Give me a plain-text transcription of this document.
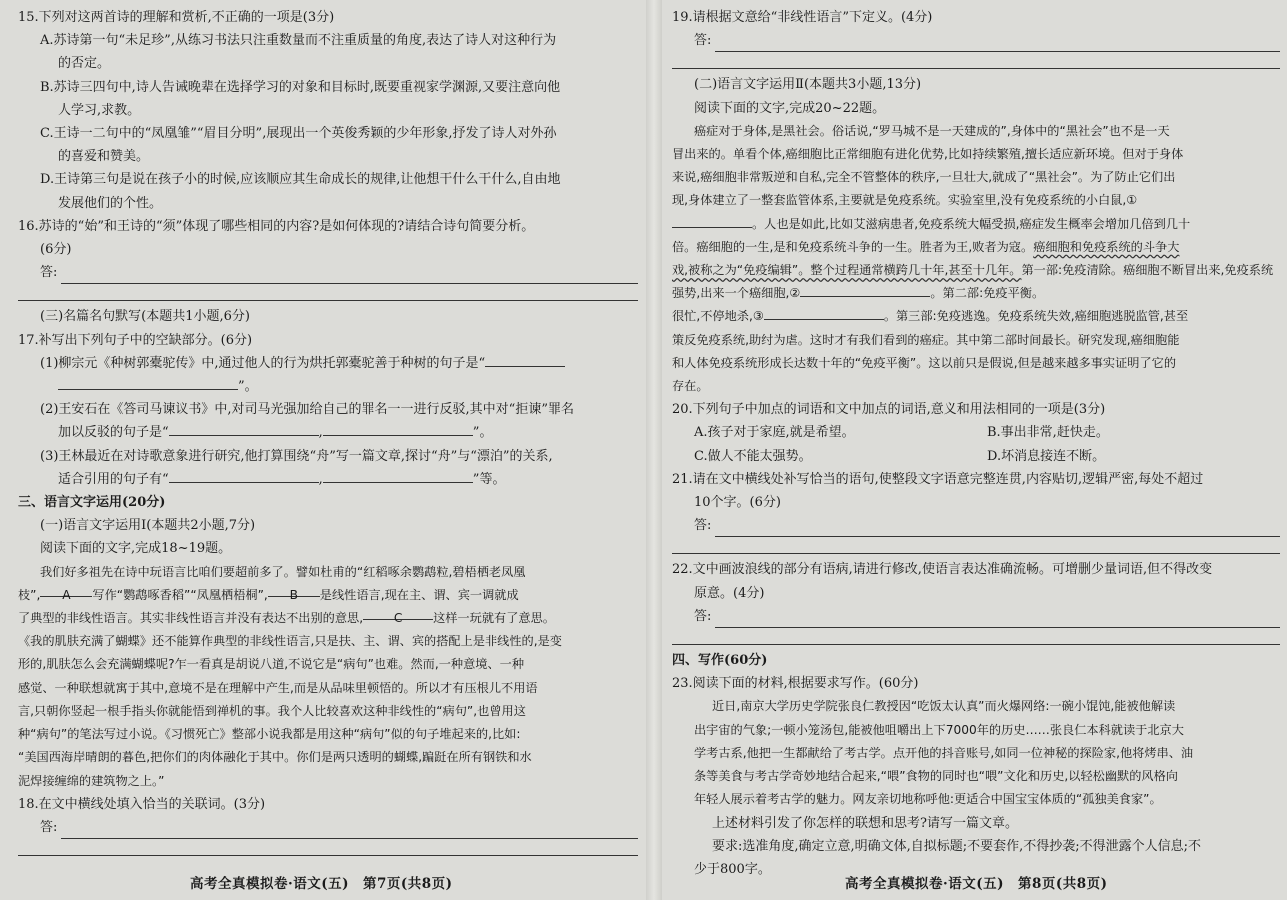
15.下列对这两首诗的理解和赏析,不正确的一项是(3分)
A.苏诗第一句“未足珍”,从练习书法只注重数量而不注重质量的角度,表达了诗人对这种行为
的否定。
B.苏诗三四句中,诗人告诫晚辈在选择学习的对象和目标时,既要重视家学渊源,又要注意向他
人学习,求教。
C.王诗一二句中的“凤凰雏”“眉目分明”,展现出一个英俊秀颖的少年形象,抒发了诗人对外孙
的喜爱和赞美。
D.王诗第三句是说在孩子小的时候,应该顺应其生命成长的规律,让他想干什么干什么,自由地
发展他们的个性。
16.苏诗的“始”和王诗的“须”体现了哪些相同的内容?是如何体现的?请结合诗句简要分析。
(6分)
答:
(三)名篇名句默写(本题共1小题,6分)
17.补写出下列句子中的空缺部分。(6分)
(1)柳宗元《种树郭橐驼传》中,通过他人的行为烘托郭橐驼善于种树的句子是“
”。
(2)王安石在《答司马谏议书》中,对司马光强加给自己的罪名一一进行反驳,其中对“拒谏”罪名
加以反驳的句子是“	,	”。
(3)王林最近在对诗歌意象进行研究,他打算围绕“舟”写一篇文章,探讨“舟”与“漂泊”的关系,
适合引用的句子有“	,	”等。
三、语言文字运用(20分)
(一)语言文字运用Ⅰ(本题共2小题,7分)
阅读下面的文字,完成18~19题。
我们好多祖先在诗中玩语言比咱们要超前多了。譬如杜甫的“红稻啄余鹦鹉粒,碧梧栖老凤凰
枝”, A 写作“鹦鹉啄香稻”“凤凰栖梧桐”, B 是线性语言,现在主、谓、宾一调就成
了典型的非线性语言。其实非线性语言并没有表达不出别的意思,	C	这样一玩就有了意思。
《我的肌肤充满了蝴蝶》还不能算作典型的非线性语言,只是扶、主、谓、宾的搭配上是非线性的,是变
形的,肌肤怎么会充满蝴蝶呢?乍一看真是胡说八道,不说它是“病句”也难。然而,一种意境、一种
感觉、一种联想就寓于其中,意境不是在理解中产生,而是从品味里顿悟的。所以才有压根儿不用语
言,只朝你竖起一根手指头你就能悟到禅机的事。我个人比较喜欢这种非线性的“病句”,也曾用这
种“病句”的笔法写过小说。《习惯死亡》整部小说我都是用这种“病句”似的句子堆起来的,比如:
“美国西海岸晴朗的暮色,把你们的肉体融化于其中。你们是两只透明的蝴蝶,蹁跹在所有钢铁和水
泥焊接缠绵的建筑物之上。”
18.在文中横线处填入恰当的关联词。(3分)
答:
高考全真模拟卷·语文(五)　第7页(共8页)
19.请根据文意给“非线性语言”下定义。(4分)
答:
(二)语言文字运用Ⅱ(本题共3小题,13分)
阅读下面的文字,完成20~22题。
癌症对于身体,是黑社会。俗话说,“罗马城不是一天建成的”,身体中的“黑社会”也不是一天
冒出来的。单看个体,癌细胞比正常细胞有进化优势,比如持续繁殖,擅长适应新环境。但对于身体
来说,癌细胞非常叛逆和自私,完全不管整体的秩序,一旦壮大,就成了“黑社会”。为了防止它们出
现,身体建立了一整套监管体系,主要就是免疫系统。实验室里,没有免疫系统的小白鼠,①
。人也是如此,比如艾滋病患者,免疫系统大幅受损,癌症发生概率会增加几倍到几十
倍。癌细胞的一生,是和免疫系统斗争的一生。胜者为王,败者为寇。癌细胞和免疫系统的斗争大
戏,被称之为“免疫编辑”。整个过程通常横跨几十年,甚至十几年。第一部:免疫清除。癌细胞不断冒出来,免疫系统
强势,出来一个癌细胞,②	。第二部:免疫平衡。
很忙,不停地杀,③	。第三部:免疫逃逸。免疫系统失效,癌细胞逃脱监管,甚至
策反免疫系统,助纣为虐。这时才有我们看到的癌症。其中第二部时间最长。研究发现,癌细胞能
和人体免疫系统形成长达数十年的“免疫平衡”。这以前只是假说,但是越来越多事实证明了它的
存在。
20.下列句子中加点的词语和文中加点的词语,意义和用法相同的一项是(3分)
A.孩子对于家庭,就是希望。	B.事出非常,赶快走。
C.做人不能太强势。	D.坏消息接连不断。
21.请在文中横线处补写恰当的语句,使整段文字语意完整连贯,内容贴切,逻辑严密,每处不超过
10个字。(6分)
答:
22.文中画波浪线的部分有语病,请进行修改,使语言表达准确流畅。可增删少量词语,但不得改变
原意。(4分)
答:
四、写作(60分)
23.阅读下面的材料,根据要求写作。(60分)
近日,南京大学历史学院张良仁教授因“吃饭太认真”而火爆网络:一碗小馄饨,能被他解读
出宇宙的气象;一顿小笼汤包,能被他咀嚼出上下7000年的历史……张良仁本科就读于北京大
学考古系,他把一生都献给了考古学。点开他的抖音账号,如同一位神秘的探险家,他将烤串、油
条等美食与考古学奇妙地结合起来,“喂”食物的同时也“喂”文化和历史,以轻松幽默的风格向
年轻人展示着考古学的魅力。网友亲切地称呼他:更适合中国宝宝体质的“孤独美食家”。
上述材料引发了你怎样的联想和思考?请写一篇文章。
要求:选准角度,确定立意,明确文体,自拟标题;不要套作,不得抄袭;不得泄露个人信息;不
少于800字。
高考全真模拟卷·语文(五)　第8页(共8页)
